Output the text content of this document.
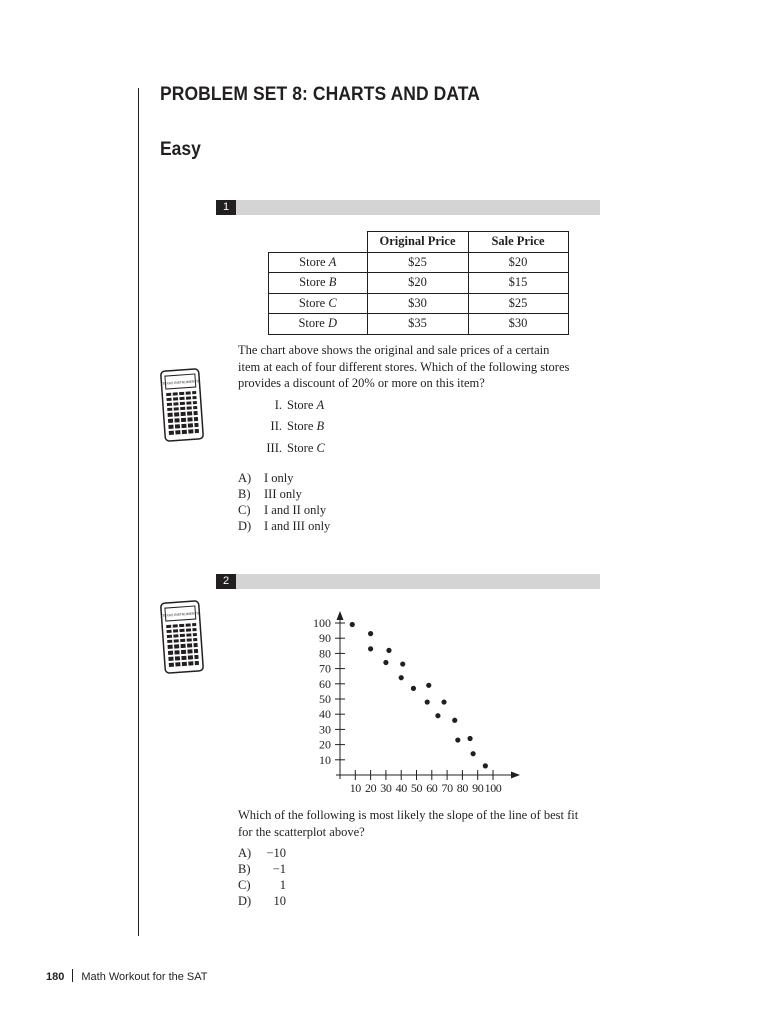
PROBLEM SET 8: CHARTS AND DATA
Easy
1
	Original Price	Sale Price
Store A	$25	$20
Store B	$20	$15
Store C	$30	$25
Store D	$35	$30
TEXAS INSTRUMENTS
The chart above shows the original and sale prices of a certain
item at each of four different stores. Which of the following stores
provides a discount of 20% or more on this item?
I. Store A
II. Store B
III. Store C
A) I only
B) III only
C) I and II only
D) I and III only
2
TEXAS INSTRUMENTS
10
20
30
40
50
60
70
80
90
100
10 20 30 40 50 60 70 80 90 100
Which of the following is most likely the slope of the line of best fit
for the scatterplot above?
A) −10
B) −1
C) 1
D) 10
180 Math Workout for the SAT
